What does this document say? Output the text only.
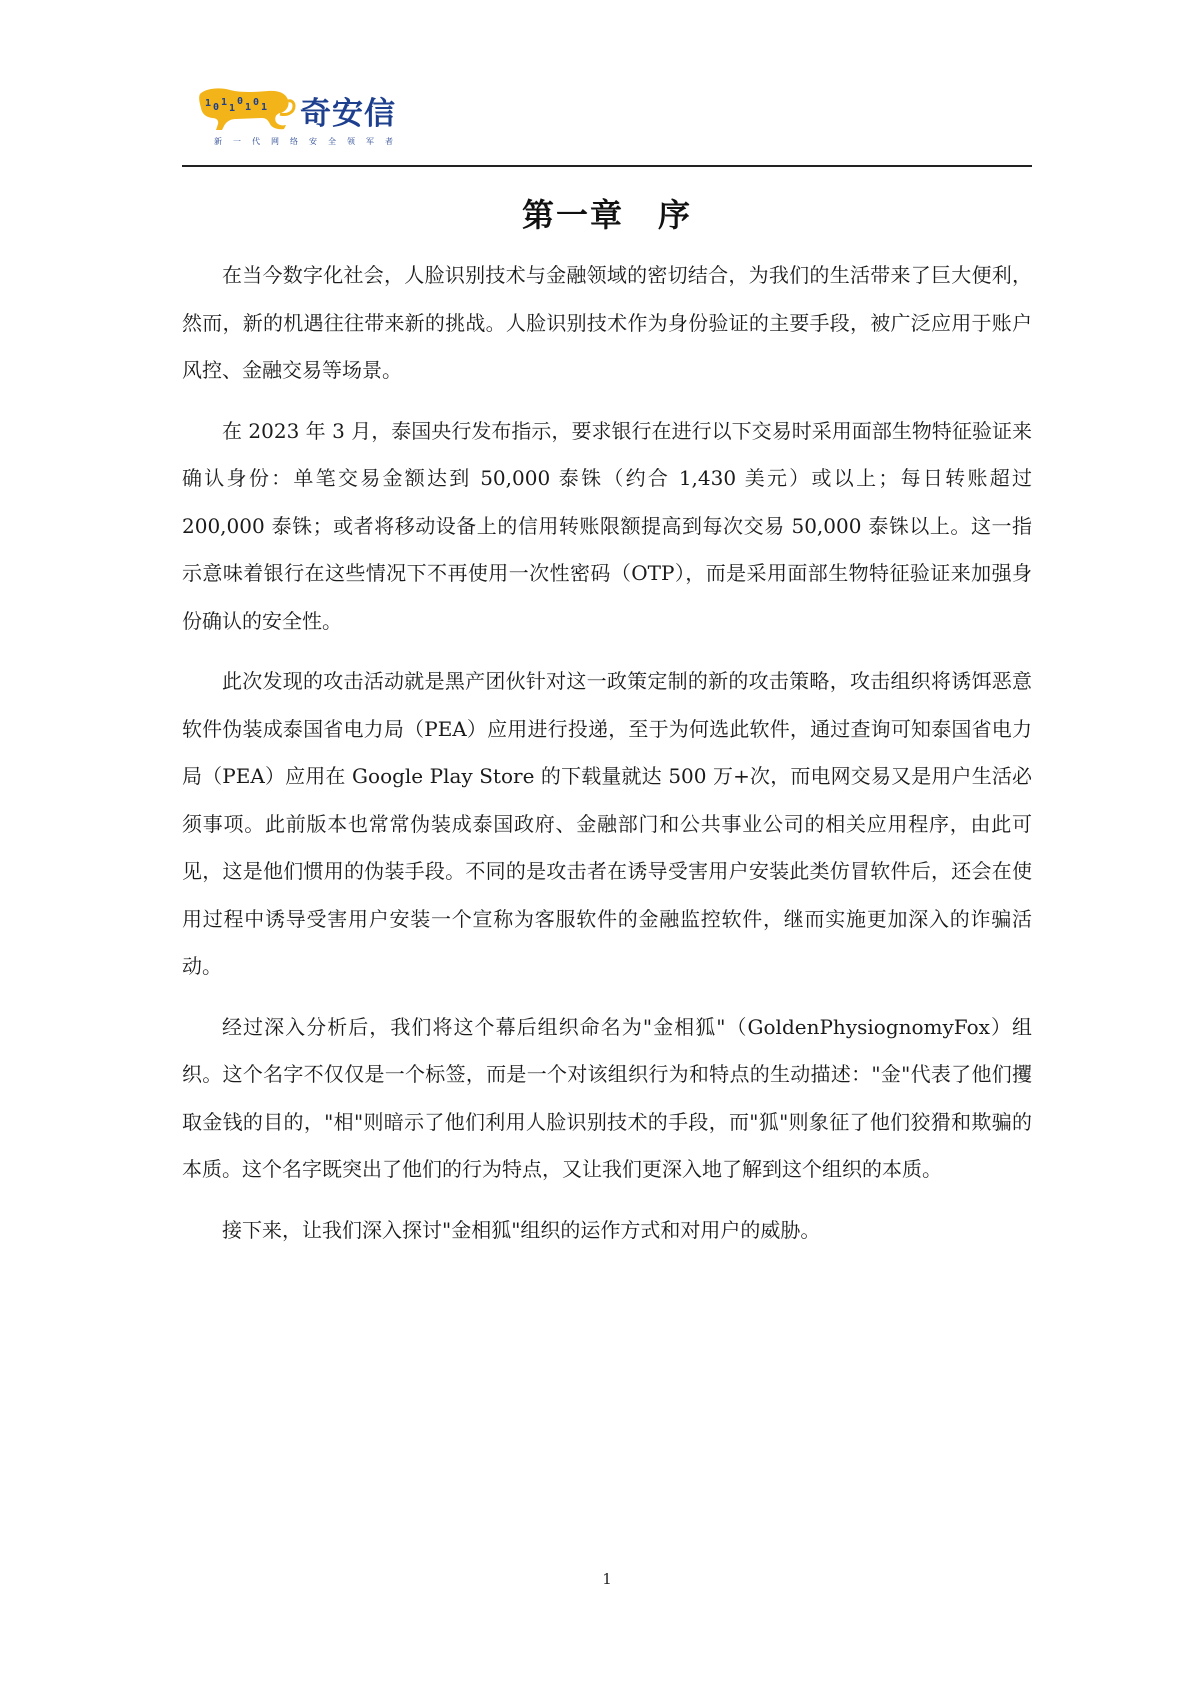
1 0 1
1
0
1 0 1 奇安信
新一代网络安全领军者
第一章　序

在当今数字化社会，人脸识别技术与金融领域的密切结合，为我们的生活带来了巨大便利，然而，新的机遇往往带来新的挑战。人脸识别技术作为身份验证的主要手段，被广泛应用于账户风控、金融交易等场景。

在 2023 年 3 月，泰国央行发布指示，要求银行在进行以下交易时采用面部生物特征验证来确认身份：单笔交易金额达到 50,000 泰铢（约合 1,430 美元）或以上；每日转账超过 200,000 泰铢；或者将移动设备上的信用转账限额提高到每次交易 50,000 泰铢以上。这一指示意味着银行在这些情况下不再使用一次性密码（OTP），而是采用面部生物特征验证来加强身份确认的安全性。

此次发现的攻击活动就是黑产团伙针对这一政策定制的新的攻击策略，攻击组织将诱饵恶意软件伪装成泰国省电力局（PEA）应用进行投递，至于为何选此软件，通过查询可知泰国省电力局（PEA）应用在 Google Play Store 的下载量就达 500 万+次，而电网交易又是用户生活必须事项。此前版本也常常伪装成泰国政府、金融部门和公共事业公司的相关应用程序，由此可见，这是他们惯用的伪装手段。不同的是攻击者在诱导受害用户安装此类仿冒软件后，还会在使用过程中诱导受害用户安装一个宣称为客服软件的金融监控软件，继而实施更加深入的诈骗活动。

经过深入分析后，我们将这个幕后组织命名为"金相狐"（GoldenPhysiognomyFox）组织。这个名字不仅仅是一个标签，而是一个对该组织行为和特点的生动描述："金"代表了他们攫取金钱的目的，"相"则暗示了他们利用人脸识别技术的手段，而"狐"则象征了他们狡猾和欺骗的本质。这个名字既突出了他们的行为特点，又让我们更深入地了解到这个组织的本质。

接下来，让我们深入探讨"金相狐"组织的运作方式和对用户的威胁。

1
